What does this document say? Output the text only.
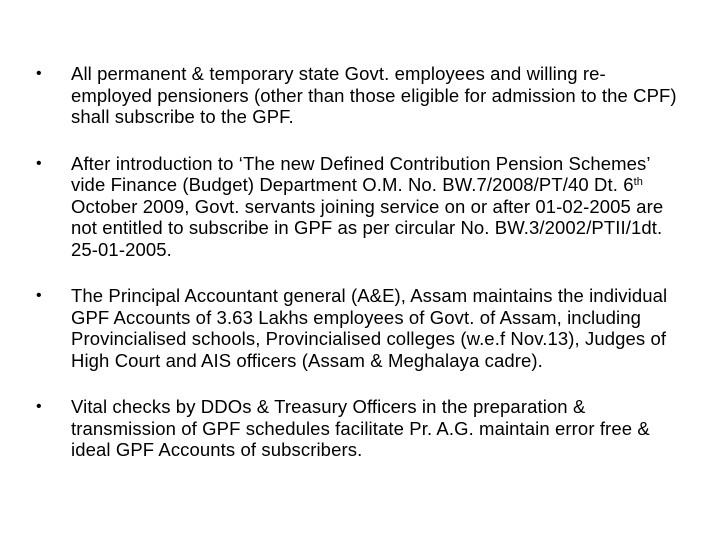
•	All permanent & temporary state Govt. employees and willing re-employed pensioners (other than those eligible for admission to the CPF) shall subscribe to the GPF.
•	After introduction to ‘The new Defined Contribution Pension Schemes’ vide Finance (Budget) Department O.M. No. BW.7/2008/PT/40 Dt. 6th October 2009, Govt. servants joining service on or after 01-02-2005 are not entitled to subscribe in GPF as per circular No. BW.3/2002/PTII/1dt. 25-01-2005.
•	The Principal Accountant general (A&E), Assam maintains the individual GPF Accounts of 3.63 Lakhs employees of Govt. of Assam, including Provincialised schools, Provincialised colleges (w.e.f Nov.13), Judges of High Court and AIS officers (Assam & Meghalaya cadre).
•	Vital checks by DDOs & Treasury Officers in the preparation & transmission of GPF schedules facilitate Pr. A.G. maintain error free & ideal GPF Accounts of subscribers.
